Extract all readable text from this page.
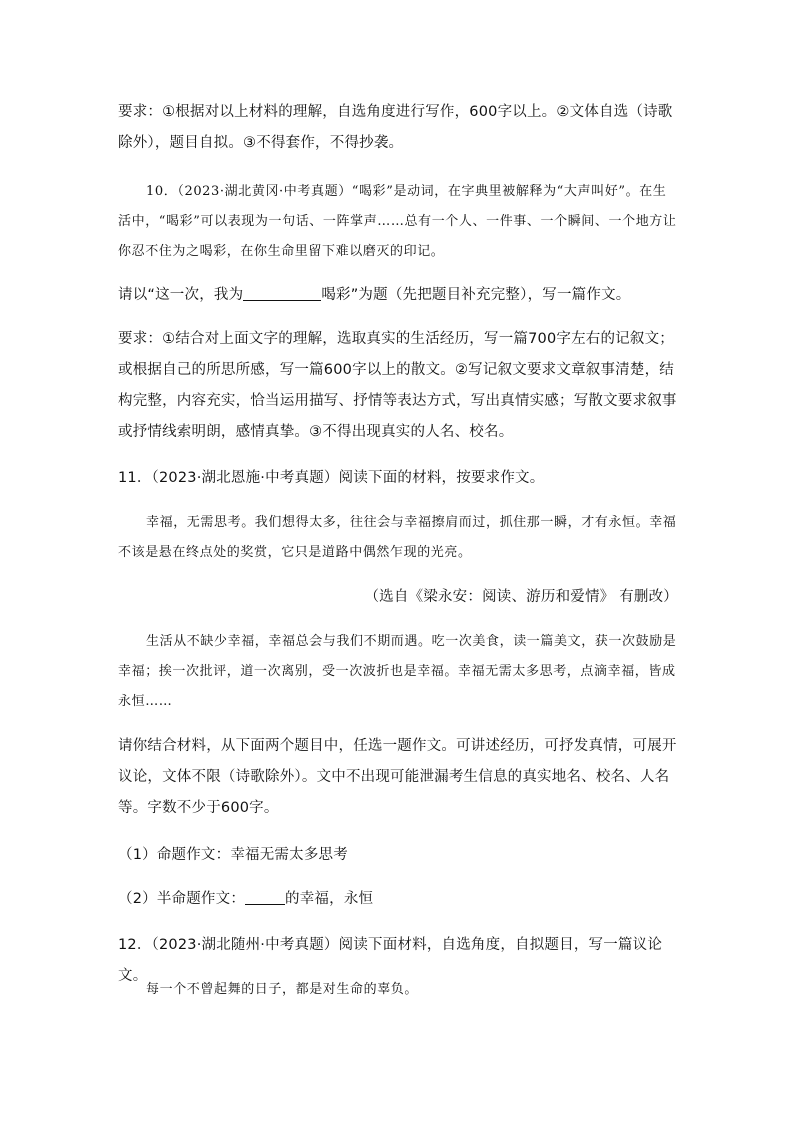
要求：①根据对以上材料的理解，自选角度进行写作，600字以上。②文体自选（诗歌除外），题目自拟。③不得套作，不得抄袭。

10．（2023·湖北黄冈·中考真题）“喝彩”是动词，在字典里被解释为“大声叫好”。在生活中，“喝彩”可以表现为一句话、一阵掌声……总有一个人、一件事、一个瞬间、一个地方让你忍不住为之喝彩，在你生命里留下难以磨灭的印记。

请以“这一次，我为	喝彩”为题（先把题目补充完整），写一篇作文。

要求：①结合对上面文字的理解，选取真实的生活经历，写一篇700字左右的记叙文；或根据自己的所思所感，写一篇600字以上的散文。②写记叙文要求文章叙事清楚，结构完整，内容充实，恰当运用描写、抒情等表达方式，写出真情实感；写散文要求叙事或抒情线索明朗，感情真挚。③不得出现真实的人名、校名。

11．（2023·湖北恩施·中考真题）阅读下面的材料，按要求作文。

幸福，无需思考。我们想得太多，往往会与幸福擦肩而过，抓住那一瞬，才有永恒。幸福不该是悬在终点处的奖赏，它只是道路中偶然乍现的光亮。

（选自《梁永安：阅读、游历和爱情》 有删改）

生活从不缺少幸福，幸福总会与我们不期而遇。吃一次美食，读一篇美文，获一次鼓励是幸福；挨一次批评，道一次离别，受一次波折也是幸福。幸福无需太多思考，点滴幸福，皆成永恒……

请你结合材料，从下面两个题目中，任选一题作文。可讲述经历，可抒发真情，可展开议论，文体不限（诗歌除外）。文中不出现可能泄漏考生信息的真实地名、校名、人名等。字数不少于600字。

（1）命题作文：幸福无需太多思考

（2）半命题作文：	的幸福，永恒

12．（2023·湖北随州·中考真题）阅读下面材料，自选角度，自拟题目，写一篇议论文。

每一个不曾起舞的日子，都是对生命的辜负。
